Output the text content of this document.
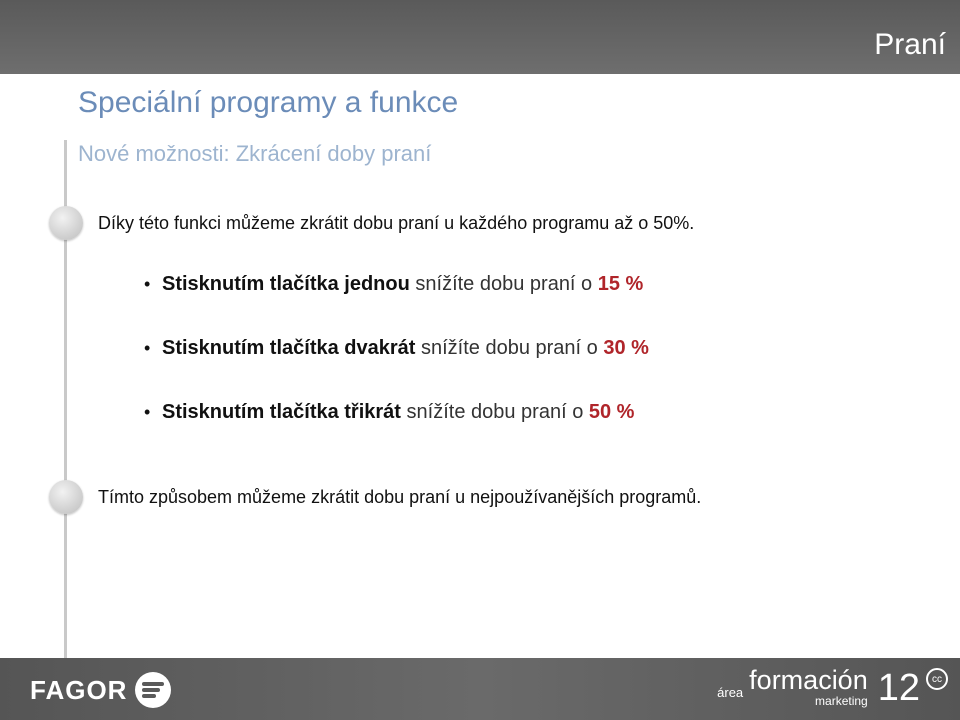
Praní
Speciální programy a funkce
Nové možnosti: Zkrácení doby praní

Díky této funkci můžeme zkrátit dobu praní u každého programu až o 50%.

• Stisknutím tlačítka jednou snížíte dobu praní o 15 %
• Stisknutím tlačítka dvakrát snížíte dobu praní o 30 %
• Stisknutím tlačítka třikrát snížíte dobu praní o 50 %

Tímto způsobem můžeme zkrátit dobu praní u nejpoužívanějších programů.

FAGOR	área formación
marketing 12	cc
